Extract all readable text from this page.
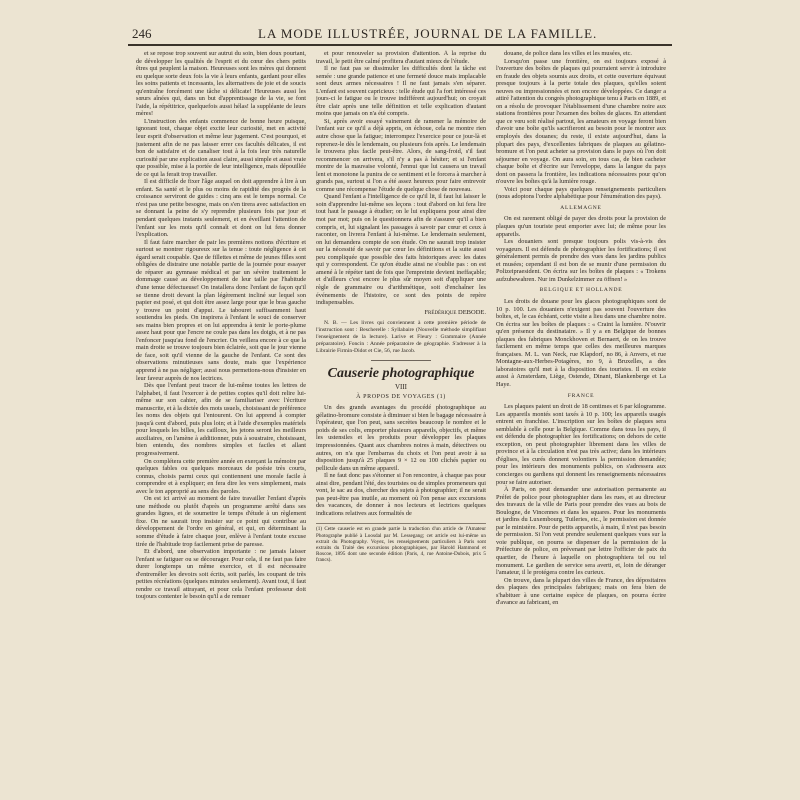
246	LA MODE ILLUSTRÉE, JOURNAL DE LA FAMILLE.

et se repose trop souvent sur autrui du soin, bien doux pourtant, de développer les qualités de l'esprit et du cœur des chers petits êtres qui peuplent la maison. Heureuses sont les mères qui donnent eu quelque sorte deux fois la vie à leurs enfants, gardant pour elles les soins patients et incessants, les alternatives de joie et de soucis qu'entraîne forcément une tâche si délicate! Heureuses aussi les sœurs aînées qui, dans un but d'apprentissage de la vie, se font l'aide, la répétitrice, quelquefois aussi hélas! la suppléante de leurs mères!

L'instruction des enfants commence de bonne heure puisque, ignorant tout, chaque objet excite leur curiosité, met en activité leur esprit d'observation et même leur jugement. C'est pourquoi, et justement afin de ne pas laisser errer ces facultés délicates, il est bon de satisfaire et de canaliser tout à la fois leur très naturelle curiosité par une explication aussi claire, aussi simple et aussi vraie que possible, mise à la portée de leur intelligence, mais dépouillée de ce qui la ferait trop travailler.

Il est difficile de fixer l'âge auquel on doit apprendre à lire à un enfant. Sa santé et le plus ou moins de rapidité des progrès de la croissance serviront de guides : cinq ans est le temps normal. Ce n'est pas une petite besogne, mais on s'en tirera avec satisfaction en se donnant la peine de s'y reprendre plusieurs fois par jour et pendant quelques instants seulement, et en éveillant l'attention de l'enfant sur les mots qu'il connaît et dont on lui fera donner l'explication.

Il faut faire marcher de pair les premières notions d'écriture et surtout se montrer rigoureux sur la tenue : toute négligence à cet égard serait coupable. Que de fillettes et même de jeunes filles sont obligées de distraire une notable partie de la journée pour essayer de réparer au gymnase médical et par un sévère traitement le dommage causé au développement de leur taille par l'habitude d'une tenue défectueuse! On installera donc l'enfant de façon qu'il se tienne droit devant la plan légèrement incliné sur lequel son papier est posé, et qui doit être assez large pour que le bras gauche y trouve un point d'appui. Le tabouret suffisamment haut soutiendra les pieds. On inspirera à l'enfant le souci de conserver ses mains bien propres et on lui apprendra à tenir le porte-plume assez haut pour que l'encre ne coule pas dans les doigts, et à ne pas l'enfoncer jusqu'au fond de l'encrier. On veillera encore à ce que la main droite se trouve toujours bien éclairée, soit que le jour vienne de face, soit qu'il vienne de la gauche de l'enfant. Ce sont des observations minutieuses sans doute, mais que l'expérience apprend à ne pas négliger; aussi nous permettons-nous d'insister en leur faveur auprès de nos lectrices.

Dès que l'enfant peut tracer de lui-même toutes les lettres de l'alphabet, il faut l'exercer à de petites copies qu'il doit relire lui-même sur son cahier, afin de se familiariser avec l'écriture manuscrite, et à la dictée des mots usuels, choisissant de préférence les noms des objets qui l'entourent. On lui apprend à compter jusqu'à cent d'abord, puis plus loin; et à l'aide d'exemples matériels pour lesquels les billes, les cailloux, les jetons seront les meilleurs auxiliaires, on l'amène à additionner, puis à soustraire, choisissant, bien entendu, des nombres simples et faciles et allant progressivement.

On complétera cette première année en exerçant la mémoire par quelques fables ou quelques morceaux de poésie très courts, connus, choisis parmi ceux qui contiennent une morale facile à comprendre et à expliquer; en fera dire les vers simplement, mais avec le ton approprié au sens des paroles.

On est ici arrivé au moment de faire travailler l'enfant d'après une méthode ou plutôt d'après un programme arrêté dans ses grandes lignes, et de soumettre le temps d'étude à un règlement fixe. On ne saurait trop insister sur ce point qui contribue au développement de l'ordre en général, et qui, en déterminant la somme d'étude à faire chaque jour, enlève à l'enfant toute excuse tirée de l'habitude trop facilement prise de paresse.

Et d'abord, une observation importante : ne jamais laisser l'enfant se fatiguer ou se décourager. Pour cela, il ne faut pas faire durer longtemps un même exercice, et il est nécessaire d'entremêler les devoirs soit écrits, soit parlés, les coupant de très petites récréations (quelques minutes seulement). Avant tout, il faut rendre ce travail attrayant, et pour cela l'enfant professeur doit toujours contenter le besoin qu'il a de remuer

et pour renouveler sa provision d'attention. À la reprise du travail, le petit être calmé profitera d'autant mieux de l'étude.

Il ne faut pas se dissimuler les difficultés dont la tâche est semée : une grande patience et une fermeté douce mais implacable sont deux armes nécessaires ! Il ne faut jamais s'en séparer. L'enfant est souvent capricieux : telle étude qui l'a fort intéressé ces jours-ci le fatigue ou le trouve indifférent aujourd'hui; on croyait être clair après une telle définition et telle explication d'autant moins que jamais on n'a été compris.

Si, après avoir essayé vainement de ramener la mémoire de l'enfant sur ce qu'il a déjà appris, on échoue, cela ne montre rien autre chose que la fatigue; interrompez l'exercice pour ce jour-là et reprenez-le dès le lendemain, ou plusieurs fois après. Le lendemain le trouvera plus facile peut-être. Alors, de sang-froid, s'il faut recommencer on arrivera, s'il n'y a pas à hésiter; et si l'enfant montre de la mauvaise volonté, l'ennui que lui causera un travail lent et monotone la punira de ce sentiment et le forcera à marcher à grands pas, surtout si l'on a été assez heureux pour faire entrevoir comme une récompense l'étude de quelque chose de nouveau.

Quand l'enfant a l'intelligence de ce qu'il lit, il faut lui laisser le soin d'apprendre lui-même ses leçons : tout d'abord on lui fera lire tout haut le passage à étudier; on le lui expliquera pour ainsi dire mot par mot; puis on le questionnera afin de s'assurer qu'il a bien compris, et, lui signalant les passages à savoir par cœur et ceux à raconter, on livrera l'enfant à lui-même. Le lendemain seulement, on lui demandera compte de son étude. On ne saurait trop insister sur la nécessité de savoir par cœur les définitions et la suite aussi peu compliquée que possible des faits historiques avec les dates qui y correspondent. Ce qu'on étudie ainsi ne s'oublie pas : on est amené à le répéter tant de fois que l'empreinte devient ineffaçable; et d'ailleurs c'est encore le plus sûr moyen soit d'appliquer une règle de grammaire ou d'arithmétique, soit d'enchaîner les événements de l'histoire, ce sont des points de repère indispensables.

Frédérique DEBODE.

N. B. — Les livres qui conviennent à cette première période de l'instruction sont : Bescherelle : Syllabaire (Nouvelle méthode simplifiant l'enseignement de la lecture). Larive et Fleury : Grammaire (Année préparatoire). Foncin : Année préparatoire de géographie. S'adresser à la Librairie Firmin-Didot et Cie, 56, rue Jacob.

Causerie photographique
VIII
À PROPOS DE VOYAGES (1)

Un des grands avantages du procédé photographique au gélatino-bromure consiste à diminuer si bien le bagage nécessaire à l'opérateur, que l'on peut, sans secrètes beaucoup le nombre et le poids de ses colis, emporter plusieurs appareils, objectifs, et même les ustensiles et les produits pour développer les plaques impressionnées. Quant aux chambres noires à main, détectives ou autres, on n'a que l'embarras du choix et l'on peut avoir à sa disposition jusqu'à 25 plaques 9 × 12 ou 100 clichés papier ou pellicule dans un même appareil.

Il ne faut donc pas s'étonner si l'on rencontre, à chaque pas pour ainsi dire, pendant l'été, des touristes ou de simples promeneurs qui vont, le sac au dos, chercher des sujets à photographier; il ne serait pas peut-être pas inutile, au moment où l'on pense aux excursions des vacances, de donner à nos lecteurs et lectrices quelques indications relatives aux formalités de

(1) Cette causerie est en grande partie la traduction d'un article de l'Amateur Photographe publié à Loosdal par M. Lessegang; cet article est lui-même un extrait du Photography. Voyez, les renseignements particuliers à Paris sont extraits du Traité des excursions photographiques, par Harold Hammond et Roscoe, 1895 dont une seconde édition (Paris, 4, rue Antoine-Dubois, prix 5 francs).

douane, de police dans les villes et les musées, etc.

Lorsqu'on passe une frontière, on est toujours exposé à l'ouverture des boîtes de plaques qui pourraient servir à introduire en fraude des objets soumis aux droits, et cette ouverture équivaut presque toujours à la perte totale des plaques, qu'elles soient neuves ou impressionnées et non encore développées. Ce danger a attiré l'attention du congrès photographique tenu à Paris en 1889, et on a résolu de provoquer l'établissement d'une chambre noire aux stations frontières pour l'examen des boîtes de glaces. En attendant que ce vœu soit réalisé partout, les amateurs en voyage feront bien d'avoir une boîte qu'ils sacrifieront au besoin pour le montrer aux employés des douanes; du reste, il existe aujourd'hui, dans la plupart des pays, d'excellentes fabriques de plaques au gélatino-bromure et l'on peut acheter sa provision dans le pays où l'on doit séjourner en voyage. On aura soin, en tous cas, de bien cacheter chaque boîte et d'écrire sur l'enveloppe, dans la langue du pays dont on passera la frontière, les indications nécessaires pour qu'on n'ouvre les boîtes qu'à la lumière rouge.

Voici pour chaque pays quelques renseignements particuliers (nous adoptons l'ordre alphabétique pour l'énumération des pays).

ALLEMAGNE

On est rarement obligé de payer des droits pour la provision de plaques qu'un touriste peut emporter avec lui; de même pour les appareils.

Les douaniers sont presque toujours polis vis-à-vis des voyageurs. Il est défendu de photographier les fortifications; il est généralement permis de prendre des vues dans les jardins publics et musées; cependant il est bon de se munir d'une permission du Polizeipraesident. On écrira sur les boîtes de plaques : « Trokens aufzubewahren. Nur im Dunkelzimmer zu öffnen! »

BELGIQUE ET HOLLANDE

Les droits de douane pour les glaces photographiques sont de 10 p. 100. Les douaniers n'exigent pas souvent l'ouverture des boîtes, et, le cas échéant, cette visite a lieu dans une chambre noire. On écrira sur les boîtes de plaques : « Craint la lumière. N'ouvrir qu'en présence du destinataire. » Il y a en Belgique de bonnes plaques des fabriques Monckhoven et Bernaert, de on les trouve facilement en même temps que celles des meilleures marques françaises. M. L. van Neck, rue Klapdorf, no 86, à Anvers, et rue Montagne-aux-Herbes-Potagères, no 9, à Bruxelles, a des laboratoires qu'il met à la disposition des touristes. Il en existe aussi à Amsterdam, Liège, Ostende, Dinant, Blankenberge et La Haye.

FRANCE

Les plaques paient un droit de 18 centimes et 6 par kilogramme. Les appareils montés sont taxés à 10 p. 100; les appareils usagés entrent en franchise. L'inscription sur les boîtes de plaques sera semblable à celle pour la Belgique. Comme dans tous les pays, il est défendu de photographier les fortifications; on dehors de cette exception, on peut photographier librement dans les villes de province et à la circulation n'est pas très active; dans les intérieurs d'églises, les curés donnent volontiers la permission demandée; pour les intérieurs des monuments publics, on s'adressera aux concierges ou gardiens qui donnent les renseignements nécessaires pour se faire autoriser.

À Paris, on peut demander une autorisation permanente au Préfet de police pour photographier dans les rues, et au directeur des travaux de la ville de Paris pour prendre des vues au bois de Boulogne, de Vincennes et dans les squares. Pour les monuments et jardins du Luxembourg, Tuileries, etc., le permission est donnée par le ministère. Pour de petits appareils, à main, il n'est pas besoin de permission. Si l'on veut prendre seulement quelques vues sur la voie publique, on pourra se dispenser de la permission de la Préfecture de police, en prévenant par lettre l'officier de paix du quartier, de l'heure à laquelle on photographiera tel ou tel monument. Le gardien de service sera averti, et, loin de déranger l'amateur, il le protégera contre les curieux.

On trouve, dans la plupart des villes de France, des dépositaires des plaques des principales fabriques; mais on fera bien de s'habituer à une certaine espèce de plaques, on pourra écrire d'avance au fabricant, en
